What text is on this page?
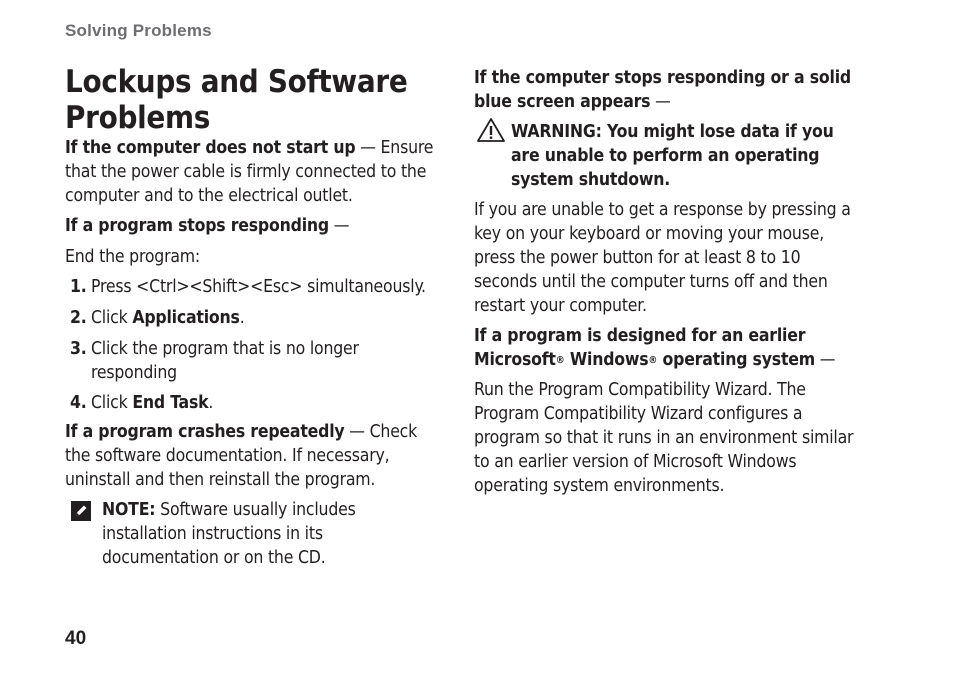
Solving Problems
Lockups and Software
Problems

If the computer does not start up — Ensure that the power cable is firmly connected to the computer and to the electrical outlet.

If a program stops responding —

End the program:

1. Press <Ctrl><Shift><Esc> simultaneously.
2. Click Applications.
3. Click the program that is no longer responding
4. Click End Task.

If a program crashes repeatedly — Check the software documentation. If necessary, uninstall and then reinstall the program.

NOTE: Software usually includes installation instructions in its documentation or on the CD.

If the computer stops responding or a solid blue screen appears —

WARNING: You might lose data if you are unable to perform an operating system shutdown.

If you are unable to get a response by pressing a key on your keyboard or moving your mouse, press the power button for at least 8 to 10 seconds until the computer turns off and then restart your computer.

If a program is designed for an earlier Microsoft® Windows® operating system —

Run the Program Compatibility Wizard. The Program Compatibility Wizard configures a program so that it runs in an environment similar to an earlier version of Microsoft Windows operating system environments.

40
